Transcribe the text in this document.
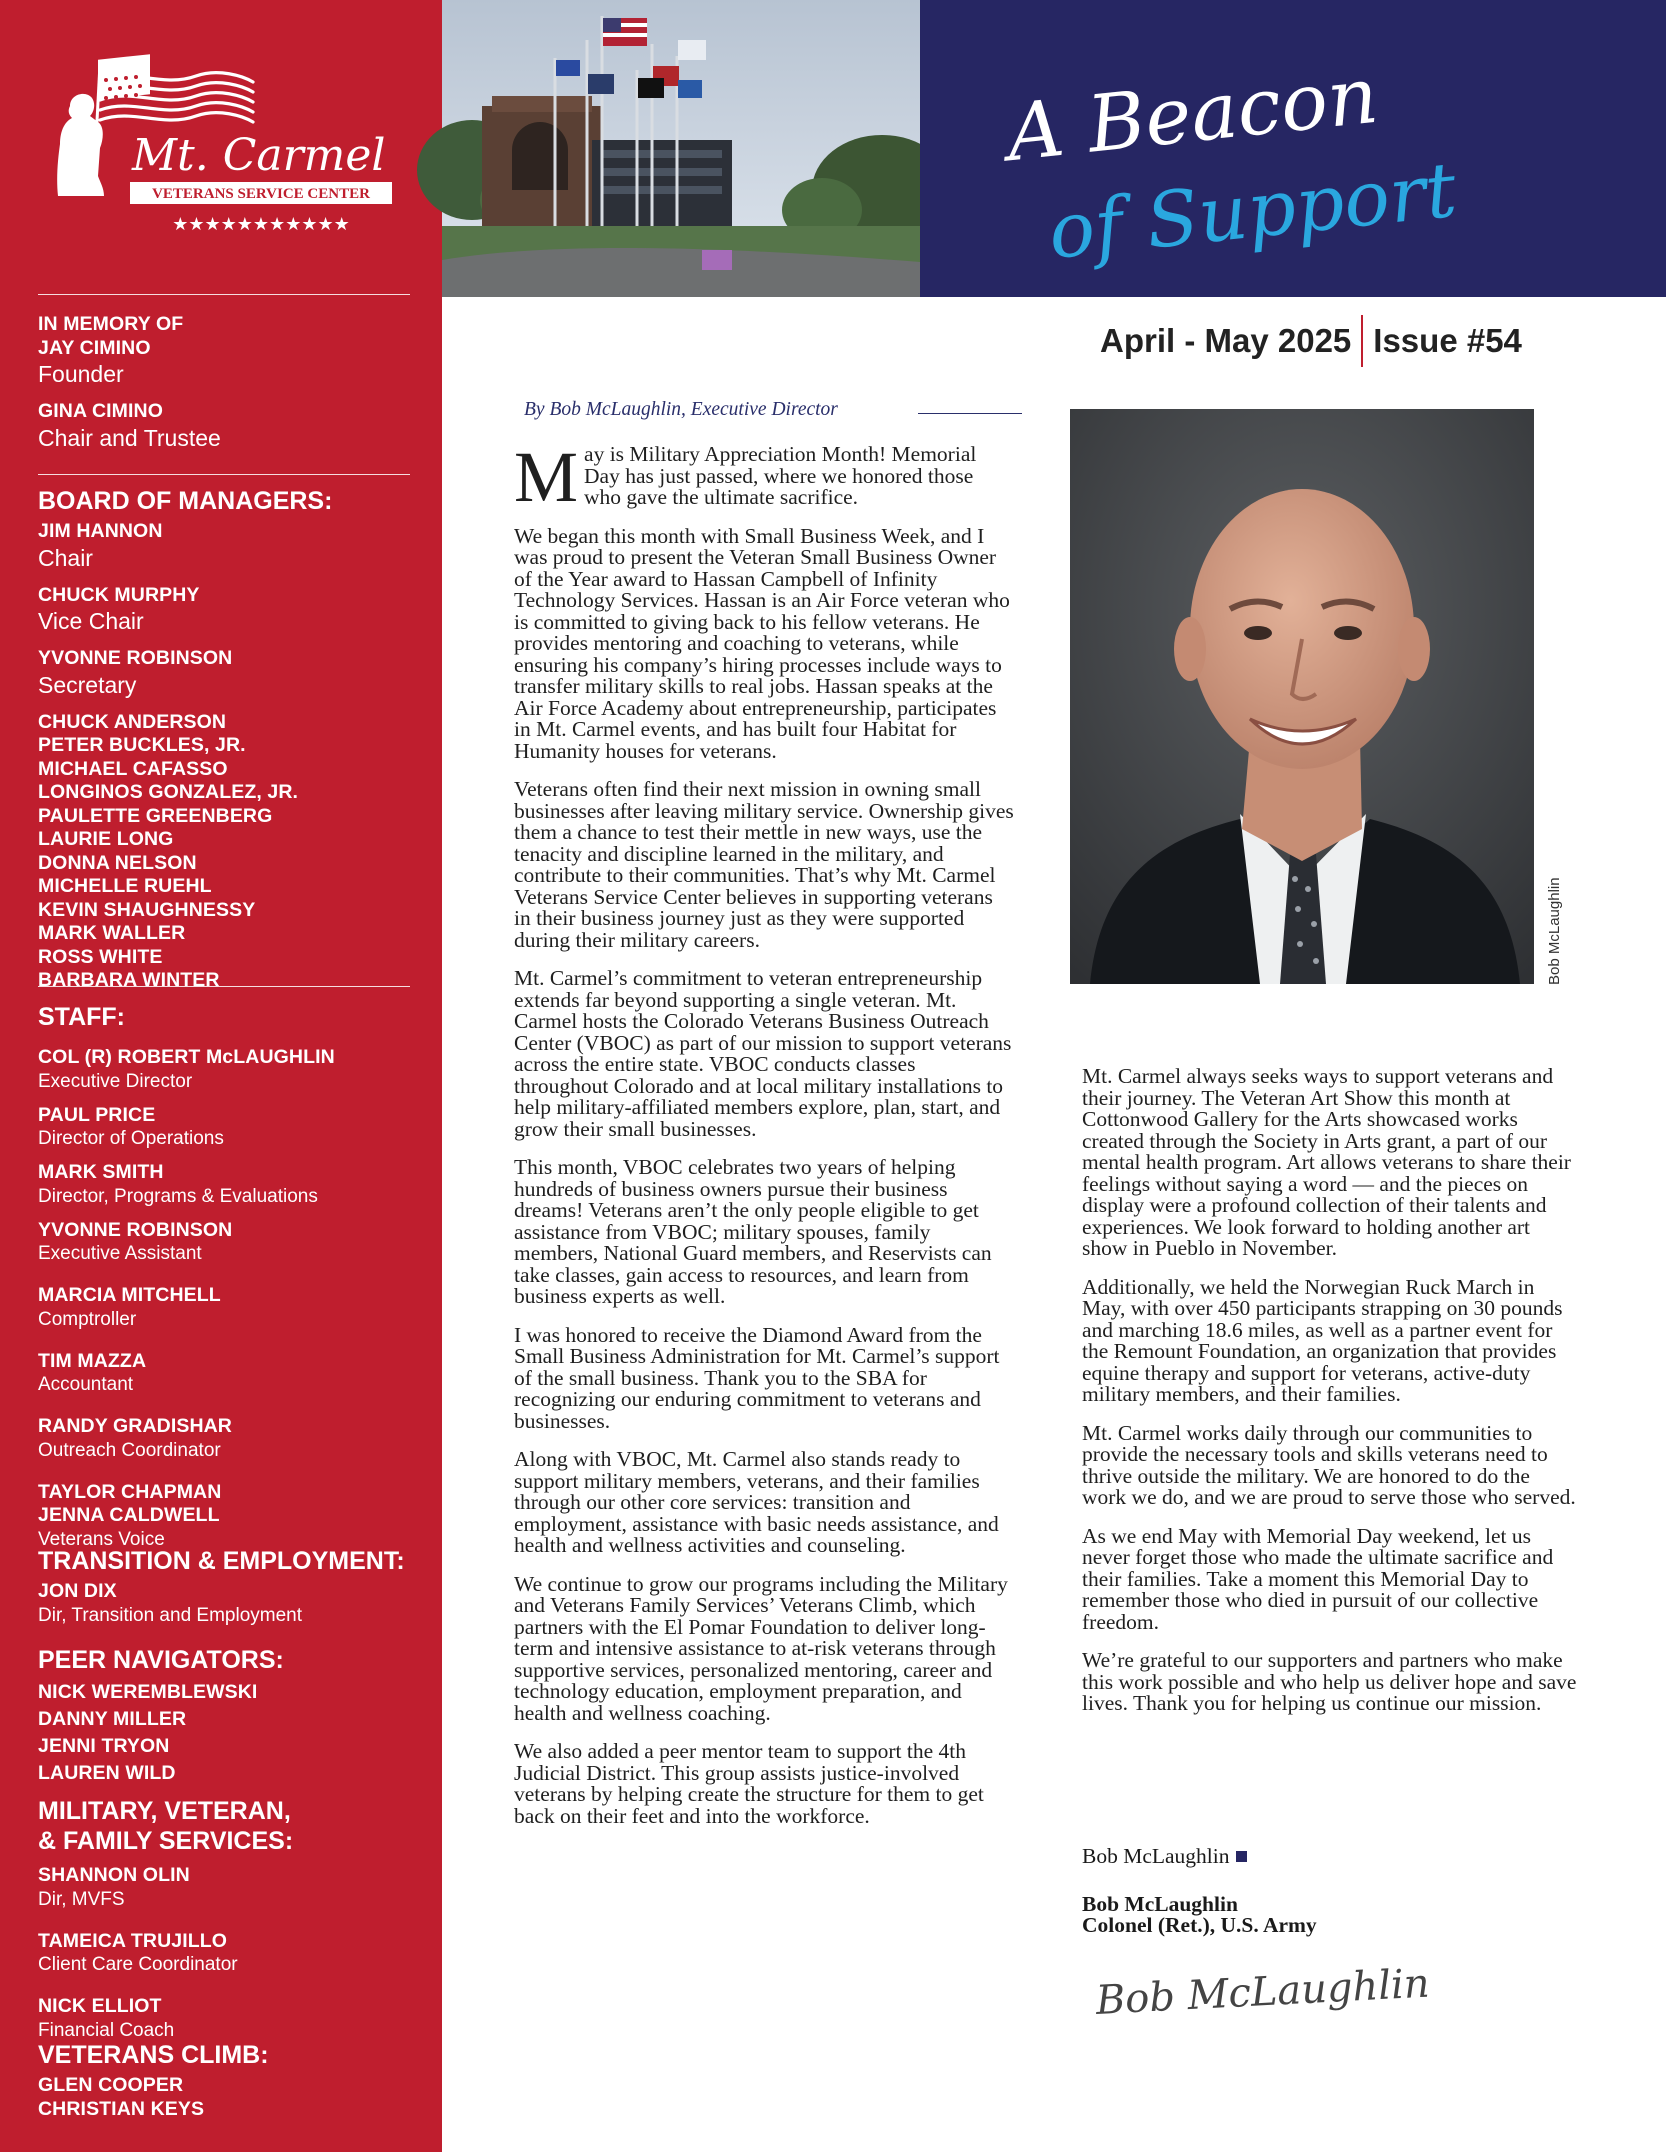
Mt. Carmel
VETERANS SERVICE CENTER
★★★★★★★★★★★
IN MEMORY OF
JAY CIMINO
Founder
GINA CIMINO
Chair and Trustee
BOARD OF MANAGERS:
JIM HANNON
Chair
CHUCK MURPHY
Vice Chair
YVONNE ROBINSON
Secretary
CHUCK ANDERSON
PETER BUCKLES, JR.
MICHAEL CAFASSO
LONGINOS GONZALEZ, JR.
PAULETTE GREENBERG
LAURIE LONG
DONNA NELSON
MICHELLE RUEHL
KEVIN SHAUGHNESSY
MARK WALLER
ROSS WHITE
BARBARA WINTER
STAFF:
COL (R) ROBERT McLAUGHLIN
Executive Director
PAUL PRICE
Director of Operations
MARK SMITH
Director, Programs & Evaluations
YVONNE ROBINSON
Executive Assistant
MARCIA MITCHELL
Comptroller
TIM MAZZA
Accountant
RANDY GRADISHAR
Outreach Coordinator
TAYLOR CHAPMAN
JENNA CALDWELL
Veterans Voice
TRANSITION & EMPLOYMENT:
JON DIX
Dir, Transition and Employment
PEER NAVIGATORS:
NICK WEREMBLEWSKI
DANNY MILLER
JENNI TRYON
LAUREN WILD
MILITARY, VETERAN,
& FAMILY SERVICES:
SHANNON OLIN
Dir, MVFS
TAMEICA TRUJILLO
Client Care Coordinator
NICK ELLIOT
Financial Coach
VETERANS CLIMB:
GLEN COOPER
CHRISTIAN KEYS
A Beacon
of Support
April - May 2025 Issue #54
By Bob McLaughlin, Executive Director

May is Military Appreciation Month! Memorial Day has just passed, where we honored those who gave the ultimate sacrifice.

We began this month with Small Business Week, and I was proud to present the Veteran Small Business Owner of the Year award to Hassan Campbell of Infinity Technology Services. Hassan is an Air Force veteran who is committed to giving back to his fellow veterans. He provides mentoring and coaching to veterans, while ensuring his company’s hiring processes include ways to transfer military skills to real jobs. Hassan speaks at the Air Force Academy about entrepreneurship, participates in Mt. Carmel events, and has built four Habitat for Humanity houses for veterans.

Veterans often find their next mission in owning small businesses after leaving military service. Ownership gives them a chance to test their mettle in new ways, use the tenacity and discipline learned in the military, and contribute to their communities. That’s why Mt. Carmel Veterans Service Center believes in supporting veterans in their business journey just as they were supported during their military careers.

Mt. Carmel’s commitment to veteran entrepreneurship extends far beyond supporting a single veteran. Mt. Carmel hosts the Colorado Veterans Business Outreach Center (VBOC) as part of our mission to support veterans across the entire state. VBOC conducts classes throughout Colorado and at local military installations to help military-affiliated members explore, plan, start, and grow their small businesses.

This month, VBOC celebrates two years of helping hundreds of business owners pursue their business dreams! Veterans aren’t the only people eligible to get assistance from VBOC; military spouses, family members, National Guard members, and Reservists can take classes, gain access to resources, and learn from business experts as well.

I was honored to receive the Diamond Award from the Small Business Administration for Mt. Carmel’s support of the small business. Thank you to the SBA for recognizing our enduring commitment to veterans and businesses.

Along with VBOC, Mt. Carmel also stands ready to support military members, veterans, and their families through our other core services: transition and employment, assistance with basic needs assistance, and health and wellness activities and counseling.

We continue to grow our programs including the Military and Veterans Family Services’ Veterans Climb, which partners with the El Pomar Foundation to deliver long-term and intensive assistance to at-risk veterans through supportive services, personalized mentoring, career and technology education, employment preparation, and health and wellness coaching.

We also added a peer mentor team to support the 4th Judicial District. This group assists justice-involved veterans by helping create the structure for them to get back on their feet and into the workforce.

Bob McLaughlin

Mt. Carmel always seeks ways to support veterans and their journey. The Veteran Art Show this month at Cottonwood Gallery for the Arts showcased works created through the Society in Arts grant, a part of our mental health program. Art allows veterans to share their feelings without saying a word — and the pieces on display were a profound collection of their talents and experiences. We look forward to holding another art show in Pueblo in November.

Additionally, we held the Norwegian Ruck March in May, with over 450 participants strapping on 30 pounds and marching 18.6 miles, as well as a partner event for the Remount Foundation, an organization that provides equine therapy and support for veterans, active-duty military members, and their families.

Mt. Carmel works daily through our communities to provide the necessary tools and skills veterans need to thrive outside the military. We are honored to do the work we do, and we are proud to serve those who served.

As we end May with Memorial Day weekend, let us never forget those who made the ultimate sacrifice and their families. Take a moment this Memorial Day to remember those who died in pursuit of our collective freedom.

We’re grateful to our supporters and partners who make this work possible and who help us deliver hope and save lives. Thank you for helping us continue our mission.

Bob McLaughlin
Bob McLaughlin
Colonel (Ret.), U.S. Army
Bob McLaughlin
